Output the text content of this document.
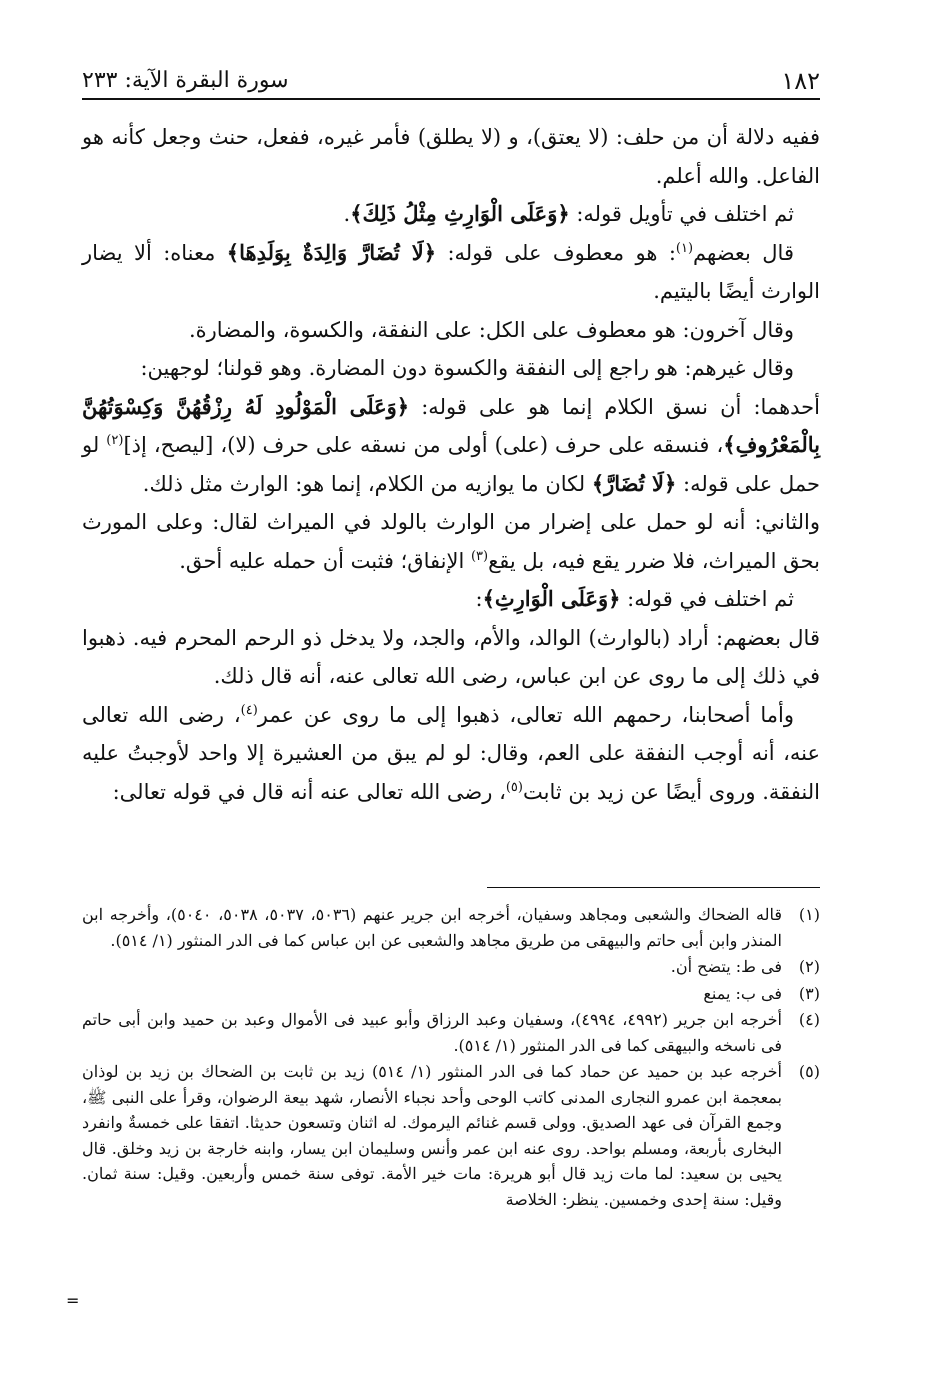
١٨٢
سورة البقرة الآية: ٢٣٣

ففيه دلالة أن من حلف: (لا يعتق)، و (لا يطلق) فأمر غيره، ففعل، حنث وجعل كأنه هو الفاعل. والله أعلم.

ثم اختلف في تأويل قوله: ﴿وَعَلَى الْوَارِثِ مِثْلُ ذَلِكَ﴾.

قال بعضهم$^{(١)}$: هو معطوف على قوله: ﴿لَا تُضَارَّ وَالِدَةٌ بِوَلَدِهَا﴾ معناه: ألا يضار الوارث أيضًا باليتيم.

وقال آخرون: هو معطوف على الكل: على النفقة، والكسوة، والمضارة.

وقال غيرهم: هو راجع إلى النفقة والكسوة دون المضارة. وهو قولنا؛ لوجهين:

أحدهما: أن نسق الكلام إنما هو على قوله: ﴿وَعَلَى الْمَوْلُودِ لَهُ رِزْقُهُنَّ وَكِسْوَتُهُنَّ بِالْمَعْرُوفِ﴾، فنسقه على حرف (على) أولى من نسقه على حرف (لا)، [ليصح، إذ]$^{(٢)}$ لو حمل على قوله: ﴿لَا تُضَارَّ﴾ لكان ما يوازيه من الكلام، إنما هو: الوارث مثل ذلك.

والثاني: أنه لو حمل على إضرار من الوارث بالولد في الميراث لقال: وعلى المورث بحق الميراث، فلا ضرر يقع فيه، بل يقع$^{(٣)}$ الإنفاق؛ فثبت أن حمله عليه أحق.

ثم اختلف في قوله: ﴿وَعَلَى الْوَارِثِ﴾:

قال بعضهم: أراد (بالوارث) الوالد، والأم، والجد، ولا يدخل ذو الرحم المحرم فيه. ذهبوا في ذلك إلى ما روى عن ابن عباس، رضى الله تعالى عنه، أنه قال ذلك.

وأما أصحابنا، رحمهم الله تعالى، ذهبوا إلى ما روى عن عمر$^{(٤)}$، رضى الله تعالى عنه، أنه أوجب النفقة على العم، وقال: لو لم يبق من العشيرة إلا واحد لأوجبتُ عليه النفقة. وروى أيضًا عن زيد بن ثابت$^{(٥)}$، رضى الله تعالى عنه أنه قال في قوله تعالى:

(١)
قاله الضحاك والشعبى ومجاهد وسفيان، أخرجه ابن جرير عنهم (٥٠٣٦، ٥٠٣٧، ٥٠٣٨، ٥٠٤٠)، وأخرجه ابن المنذر وابن أبى حاتم والبيهقى من طريق مجاهد والشعبى عن ابن عباس كما فى الدر المنثور (١/ ٥١٤).
(٢)
فى ط: يتضح أن.
(٣)
فى ب: يمنع
(٤)
أخرجه ابن جرير (٤٩٩٢، ٤٩٩٤)، وسفيان وعبد الرزاق وأبو عبيد فى الأموال وعبد بن حميد وابن أبى حاتم فى ناسخه والبيهقى كما فى الدر المنثور (١/ ٥١٤).
(٥)
أخرجه عبد بن حميد عن حماد كما فى الدر المنثور (١/ ٥١٤) زيد بن ثابت بن الضحاك بن زيد بن لوذان بمعجمة ابن عمرو النجارى المدنى كاتب الوحى وأحد نجباء الأنصار، شهد بيعة الرضوان، وقرأ على النبى ﷺ، وجمع القرآن فى عهد الصديق. وولى قسم غنائم اليرموك. له اثنان وتسعون حديثا. اتفقا على خمسةٌ وانفرد البخارى بأربعة، ومسلم بواحد. روى عنه ابن عمر وأنس وسليمان ابن يسار، وابنه خارجة بن زيد وخلق. قال يحيى بن سعيد: لما مات زيد قال أبو هريرة: مات خير الأمة. توفى سنة خمس وأربعين. وقيل: سنة ثمان. وقيل: سنة إحدى وخمسين. ينظر: الخلاصة
=
